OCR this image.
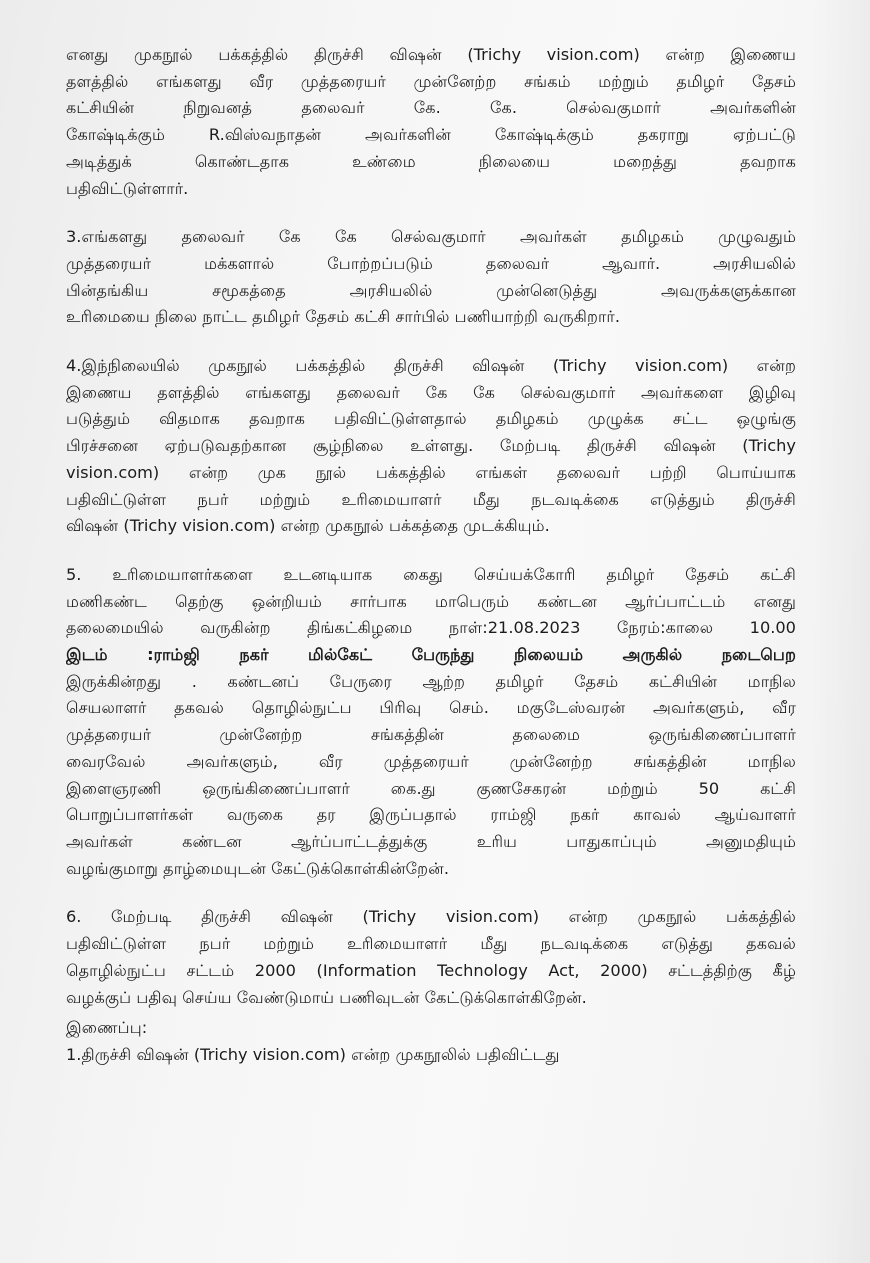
எனது முகநூல் பக்கத்தில் திருச்சி விஷன் (Trichy vision.com) என்ற இணைய

தளத்தில் எங்களது வீர முத்தரையர் முன்னேற்ற சங்கம் மற்றும் தமிழர் தேசம்

கட்சியின் நிறுவனத் தலைவர் கே. கே. செல்வகுமார் அவர்களின்

கோஷ்டிக்கும் R.விஸ்வநாதன் அவர்களின் கோஷ்டிக்கும் தகராறு ஏற்பட்டு

அடித்துக் கொண்டதாக உண்மை நிலையை மறைத்து தவறாக

பதிவிட்டுள்ளார்.

3.எங்களது தலைவர் கே கே செல்வகுமார் அவர்கள் தமிழகம் முழுவதும்

முத்தரையர் மக்களால் போற்றப்படும் தலைவர் ஆவார். அரசியலில்

பின்தங்கிய சமூகத்தை அரசியலில் முன்னெடுத்து அவருக்களுக்கான

உரிமையை நிலை நாட்ட தமிழர் தேசம் கட்சி சார்பில் பணியாற்றி வருகிறார்.

4.இந்நிலையில் முகநூல் பக்கத்தில் திருச்சி விஷன் (Trichy vision.com) என்ற

இணைய தளத்தில் எங்களது தலைவர் கே கே செல்வகுமார் அவர்களை இழிவு

படுத்தும் விதமாக தவறாக பதிவிட்டுள்ளதால் தமிழகம் முழுக்க சட்ட ஒழுங்கு

பிரச்சனை ஏற்படுவதற்கான சூழ்நிலை உள்ளது. மேற்படி திருச்சி விஷன் (Trichy

vision.com) என்ற முக நூல் பக்கத்தில் எங்கள் தலைவர் பற்றி பொய்யாக

பதிவிட்டுள்ள நபர் மற்றும் உரிமையாளர் மீது நடவடிக்கை எடுத்தும் திருச்சி

விஷன் (Trichy vision.com) என்ற முகநூல் பக்கத்தை முடக்கியும்.

5. உரிமையாளர்களை உடனடியாக கைது செய்யக்கோரி தமிழர் தேசம் கட்சி

மணிகண்ட தெற்கு ஒன்றியம் சார்பாக மாபெரும் கண்டன ஆர்ப்பாட்டம் எனது

தலைமையில் வருகின்ற திங்கட்கிழமை நாள்:21.08.2023 நேரம்:காலை 10.00

இடம் :ராம்ஜி நகர் மில்கேட் பேருந்து நிலையம் அருகில் நடைபெற

இருக்கின்றது . கண்டனப் பேருரை ஆற்ற தமிழர் தேசம் கட்சியின் மாநில

செயலாளர் தகவல் தொழில்நுட்ப பிரிவு செம். மகுடேஸ்வரன் அவர்களும், வீர

முத்தரையர் முன்னேற்ற சங்கத்தின் தலைமை ஒருங்கிணைப்பாளர்

வைரவேல் அவர்களும், வீர முத்தரையர் முன்னேற்ற சங்கத்தின் மாநில

இளைஞரணி ஒருங்கிணைப்பாளர் கை.து குணசேகரன் மற்றும் 50 கட்சி

பொறுப்பாளர்கள் வருகை தர இருப்பதால் ராம்ஜி நகர் காவல் ஆய்வாளர்

அவர்கள் கண்டன ஆர்ப்பாட்டத்துக்கு உரிய பாதுகாப்பும் அனுமதியும்

வழங்குமாறு தாழ்மையுடன் கேட்டுக்கொள்கின்றேன்.

6. மேற்படி திருச்சி விஷன் (Trichy vision.com) என்ற முகநூல் பக்கத்தில்

பதிவிட்டுள்ள நபர் மற்றும் உரிமையாளர் மீது நடவடிக்கை எடுத்து தகவல்

தொழில்நுட்ப சட்டம் 2000 (Information Technology Act, 2000) சட்டத்திற்கு கீழ்

வழக்குப் பதிவு செய்ய வேண்டுமாய் பணிவுடன் கேட்டுக்கொள்கிறேன்.

இணைப்பு:

1.திருச்சி விஷன் (Trichy vision.com) என்ற முகநூலில் பதிவிட்டது
